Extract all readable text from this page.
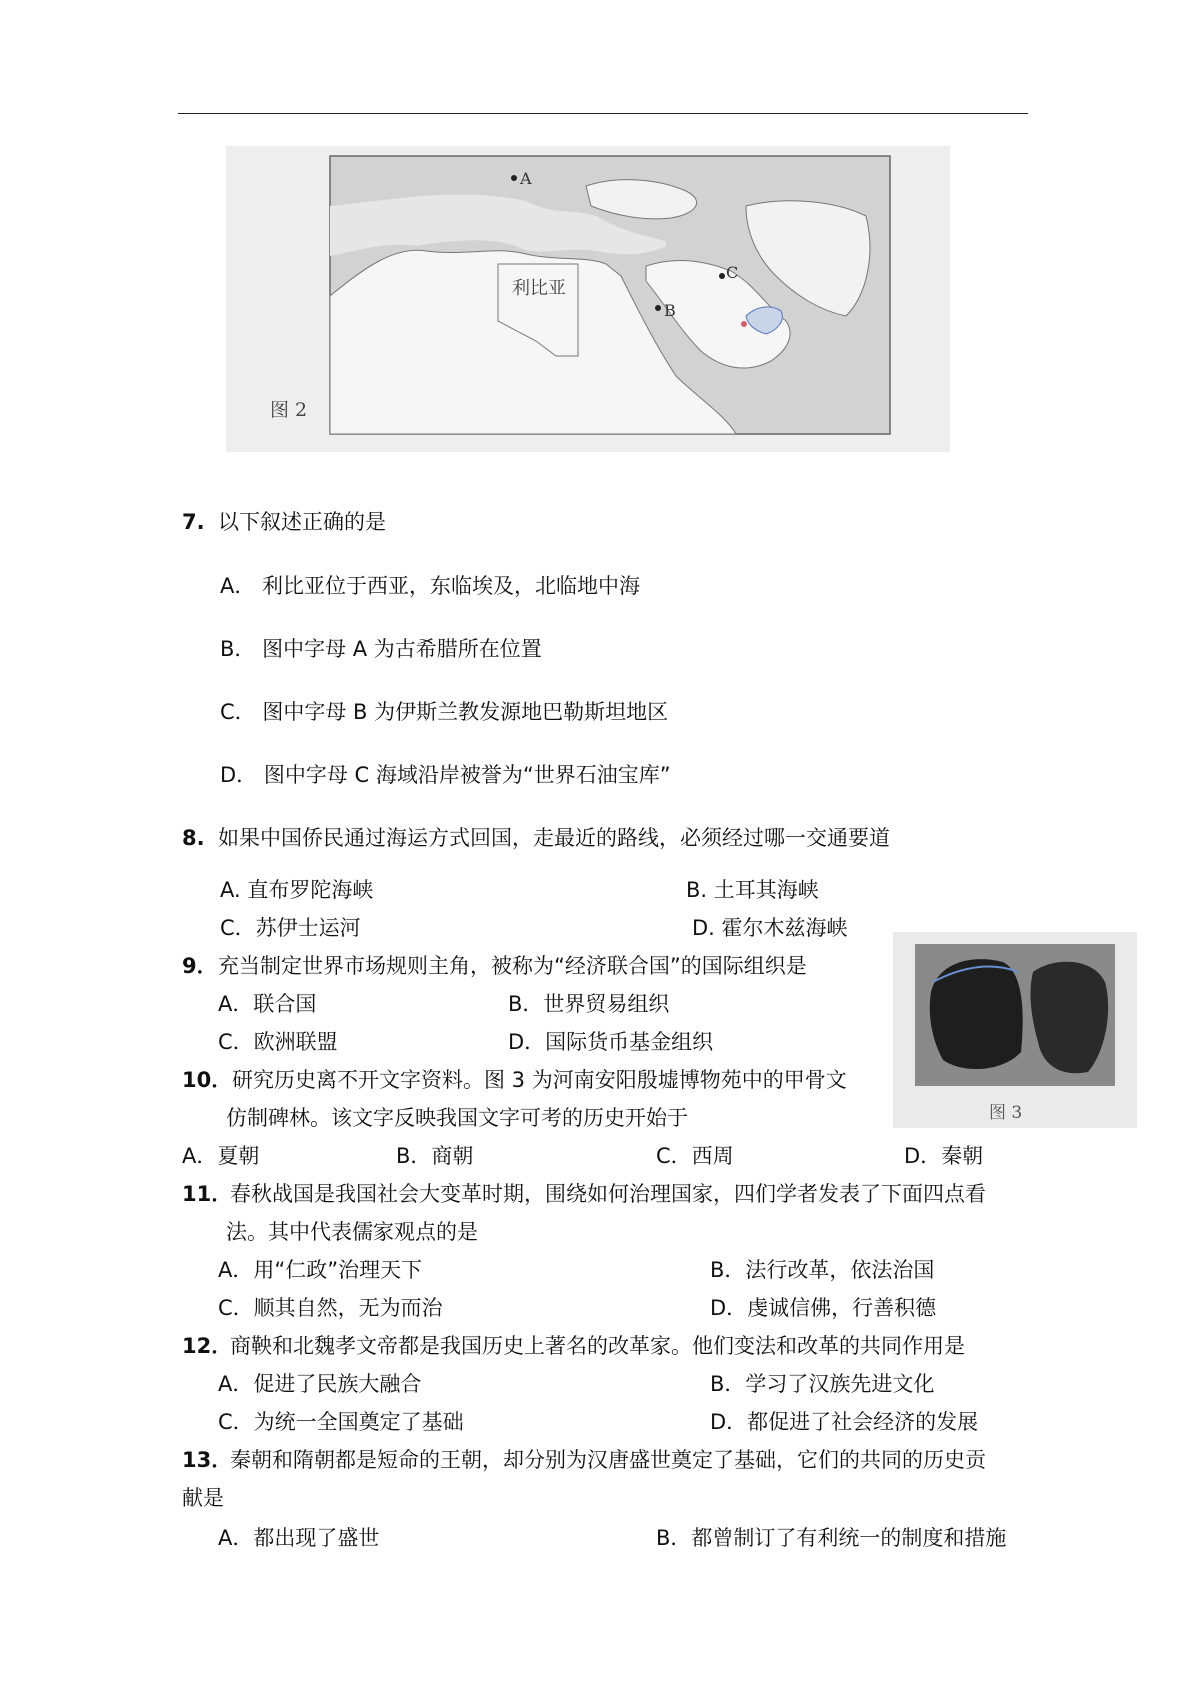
A
B
C
利比亚
图 2
图 3
7. 以下叙述正确的是
A． 利比亚位于西亚，东临埃及，北临地中海
B． 图中字母 A 为古希腊所在位置
C． 图中字母 B 为伊斯兰教发源地巴勒斯坦地区
D． 图中字母 C 海域沿岸被誉为“世界石油宝库”
8. 如果中国侨民通过海运方式回国，走最近的路线，必须经过哪一交通要道
A. 直布罗陀海峡	B. 土耳其海峡
C．苏伊士运河	D. 霍尔木兹海峡
9． 充当制定世界市场规则主角，被称为“经济联合国”的国际组织是
A．联合国	B．世界贸易组织
C．欧洲联盟	D．国际货币基金组织
10． 研究历史离不开文字资料。图 3 为河南安阳殷墟博物苑中的甲骨文
仿制碑林。该文字反映我国文字可考的历史开始于
A．夏朝	B．商朝	C．西周	D．秦朝
11．
春秋战国是我国社会大变革时期，围绕如何治理国家，四们学者发表了下面四点看
法。其中代表儒家观点的是
A．用“仁政”治理天下	B．法行改革，依法治国
C．顺其自然，无为而治	D．虔诚信佛，行善积德
12．
商鞅和北魏孝文帝都是我国历史上著名的改革家。他们变法和改革的共同作用是
A．促进了民族大融合	B．学习了汉族先进文化
C．为统一全国奠定了基础	D．都促进了社会经济的发展
13．
秦朝和隋朝都是短命的王朝，却分别为汉唐盛世奠定了基础，它们的共同的历史贡
献是
A．都出现了盛世	B．都曾制订了有利统一的制度和措施
